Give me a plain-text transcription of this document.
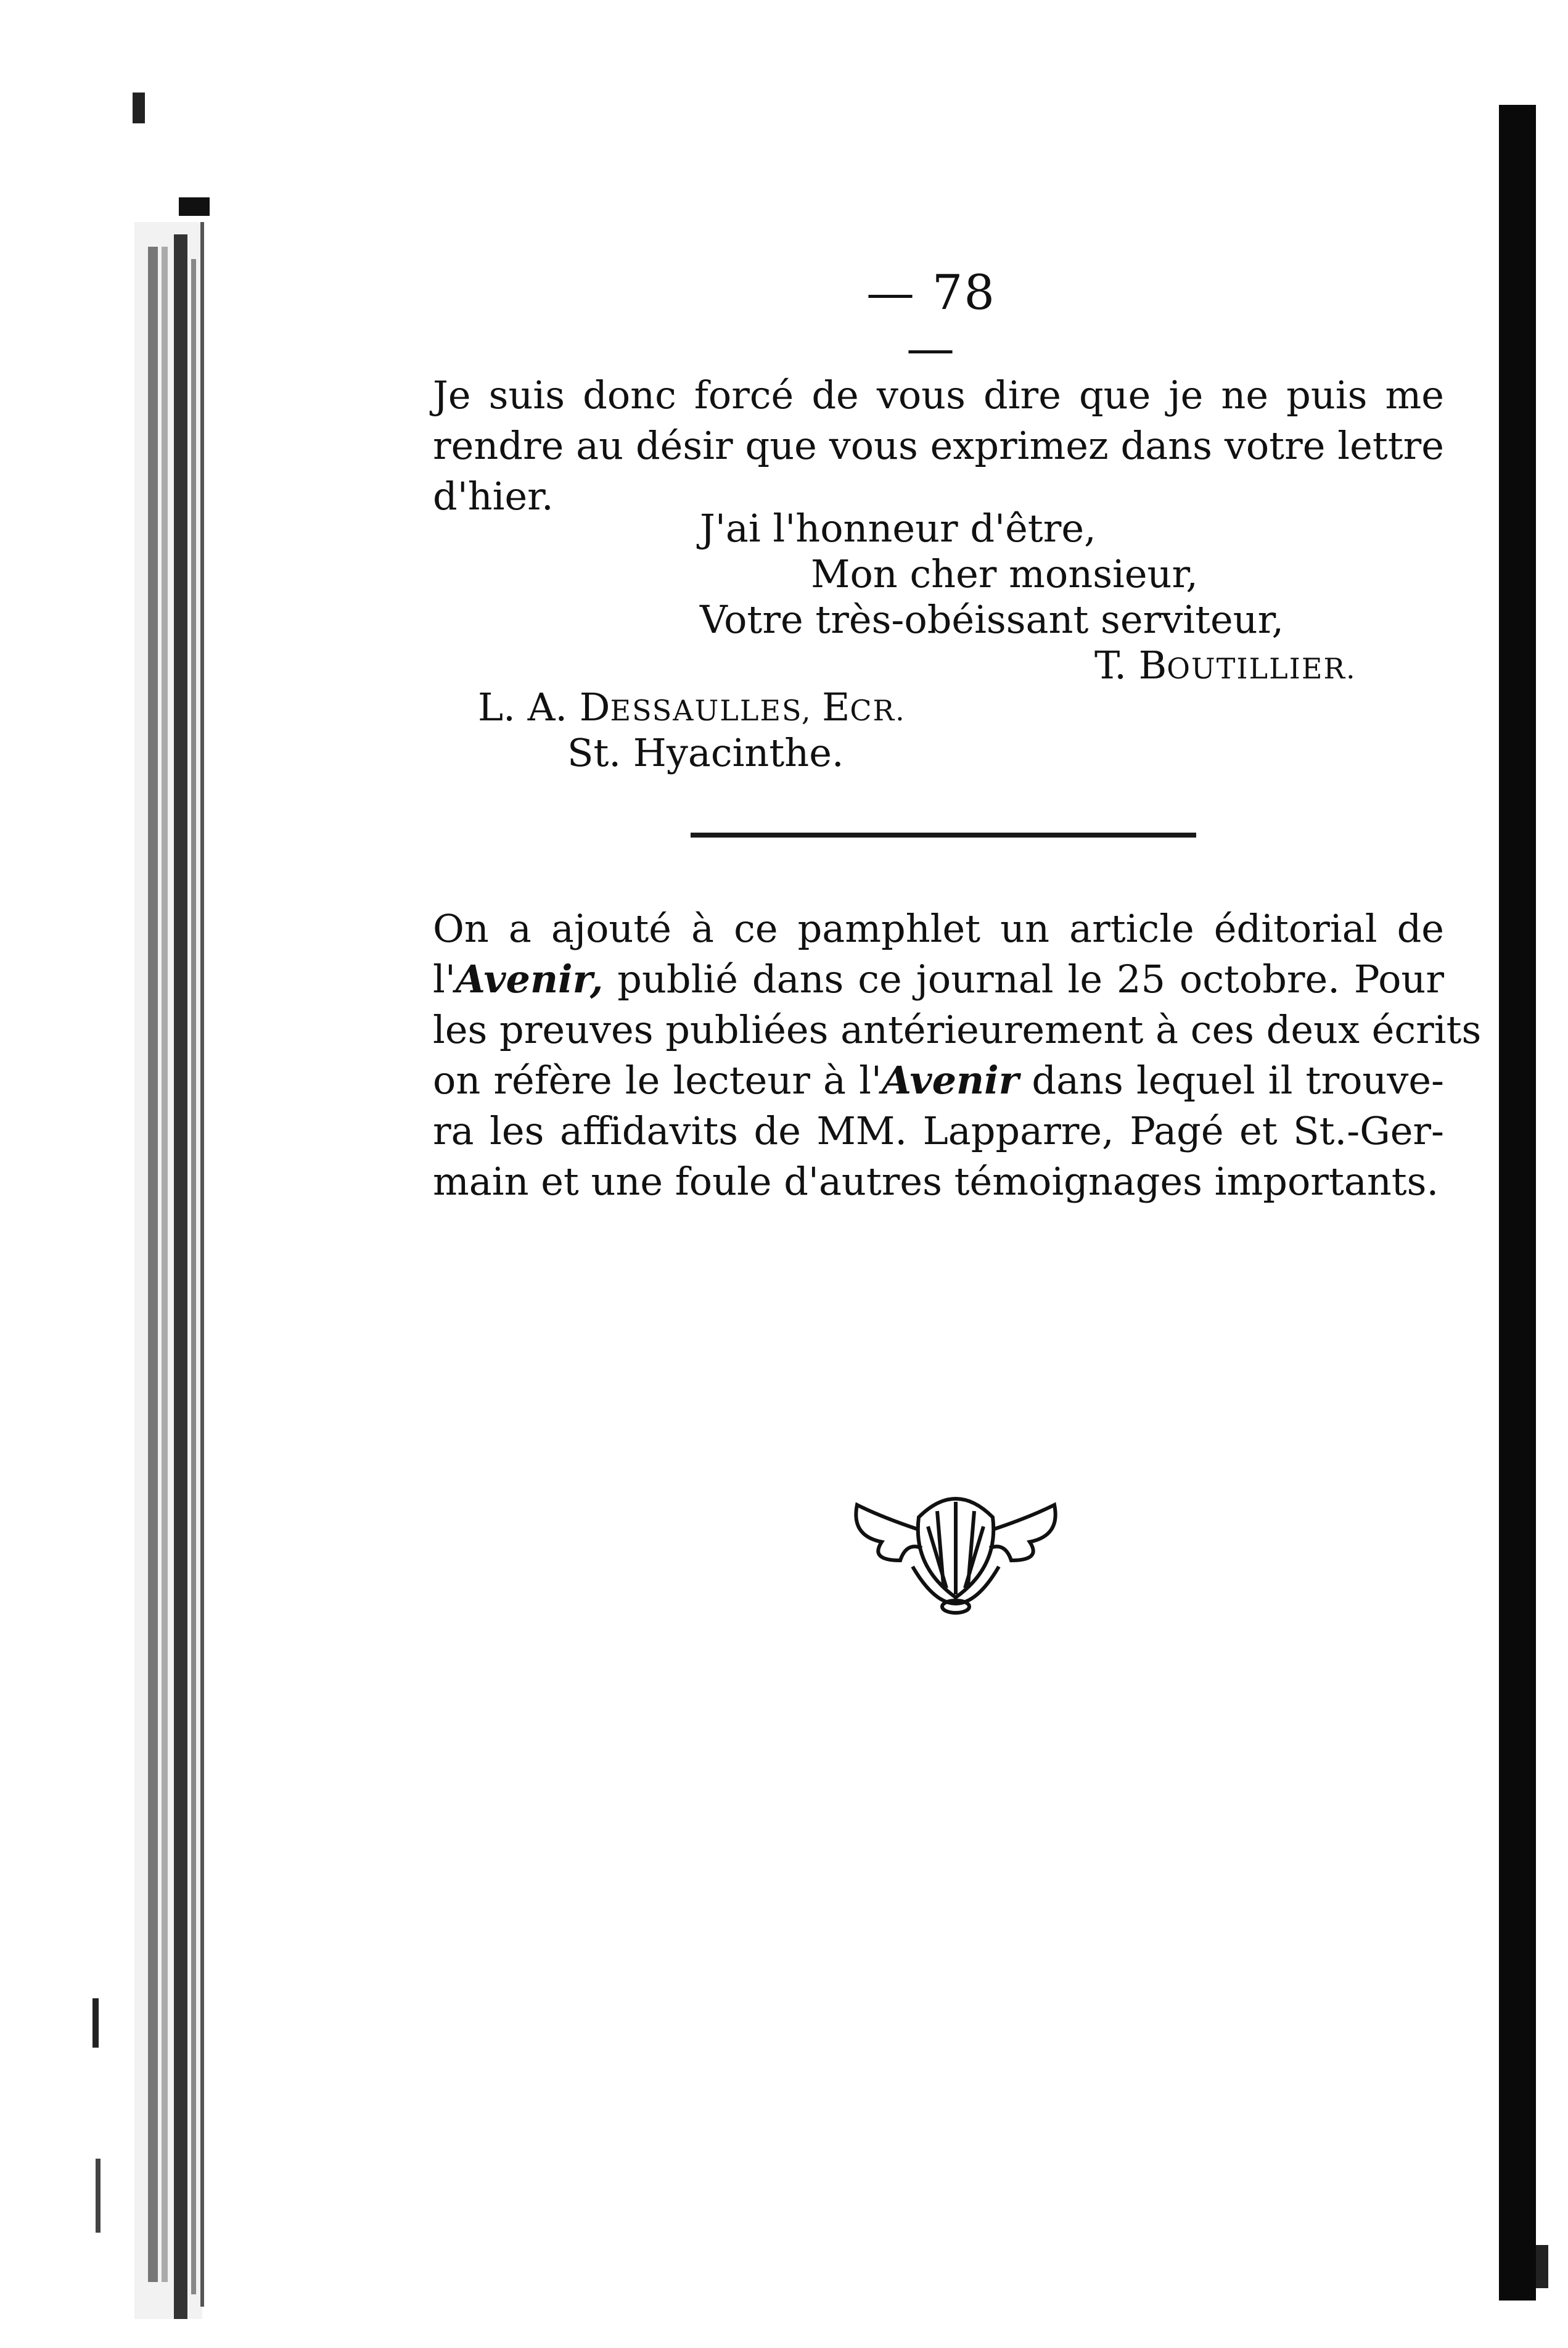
— 78 —
Je suis donc forcé de vous dire que je ne puis me
rendre au désir que vous exprimez dans votre lettre
d'hier.
J'ai l'honneur d'être,
Mon cher monsieur,
Votre très-obéissant serviteur,
T. BOUTILLIER.
L. A. DESSAULLES, ECR.
St. Hyacinthe.
On a ajouté à ce pamphlet un article éditorial de
l'Avenir, publié dans ce journal le 25 octobre. Pour
les preuves publiées antérieurement à ces deux écrits
on réfère le lecteur à l'Avenir dans lequel il trouve-
ra les affidavits de MM. Lapparre, Pagé et St.-Ger-
main et une foule d'autres témoignages importants.
